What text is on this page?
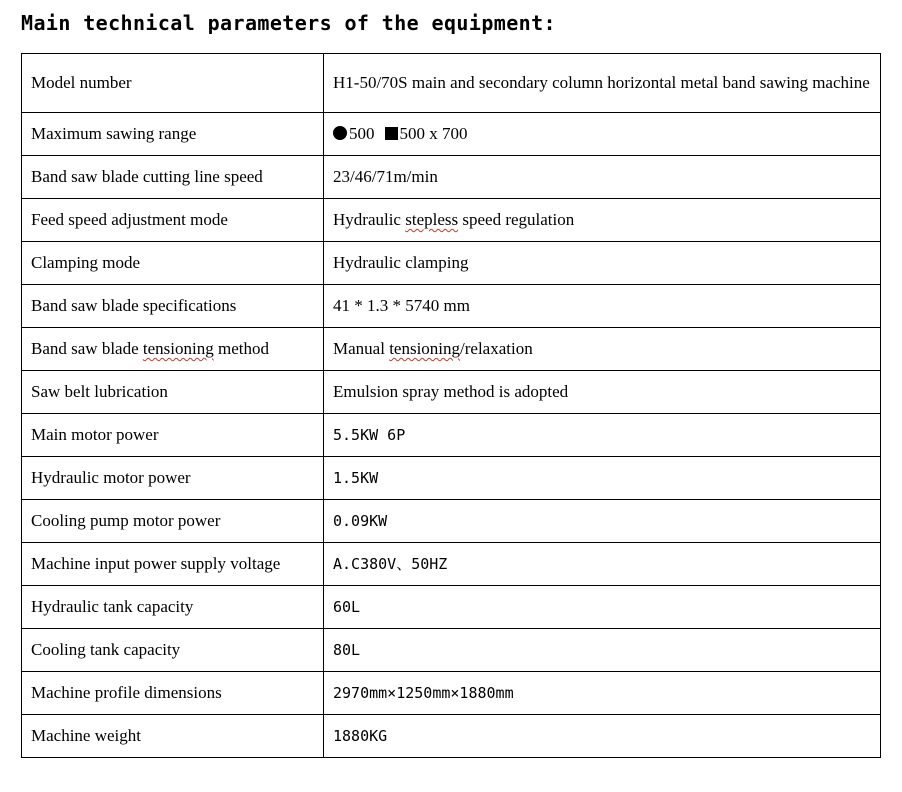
Main technical parameters of the equipment:
Model number	H1-50/70S main and secondary column horizontal metal band sawing machine
Maximum sawing range	500 500 x 700
Band saw blade cutting line speed	23/46/71m/min
Feed speed adjustment mode	Hydraulic stepless speed regulation
Clamping mode	Hydraulic clamping
Band saw blade specifications	41 * 1.3 * 5740 mm
Band saw blade tensioning method	Manual tensioning/relaxation
Saw belt lubrication	Emulsion spray method is adopted
Main motor power	5.5KW 6P
Hydraulic motor power	1.5KW
Cooling pump motor power	0.09KW
Machine input power supply voltage	A.C380V、50HZ
Hydraulic tank capacity	60L
Cooling tank capacity	80L
Machine profile dimensions	2970mm×1250mm×1880mm
Machine weight	1880KG
